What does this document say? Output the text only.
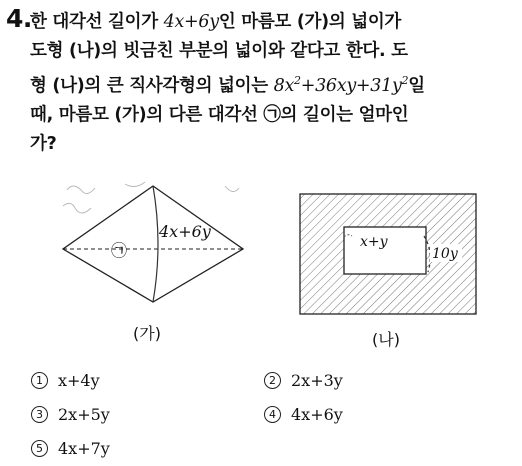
4.
한 대각선 길이가 4x+6y인 마름모 (가)의 넓이가
도형 (나)의 빗금친 부분의 넓이와 같다고 한다. 도
형 (나)의 큰 직사각형의 넓이는 $8x^2+36xy+31y^2$일
때, 마름모 (가)의 다른 대각선 ㉠의 길이는 얼마인
가?
4x+6y
㉠
(가)
x+y
10y
(나)
1 x+4y	2 2x+3y
3 2x+5y	4 4x+6y
5 4x+7y
